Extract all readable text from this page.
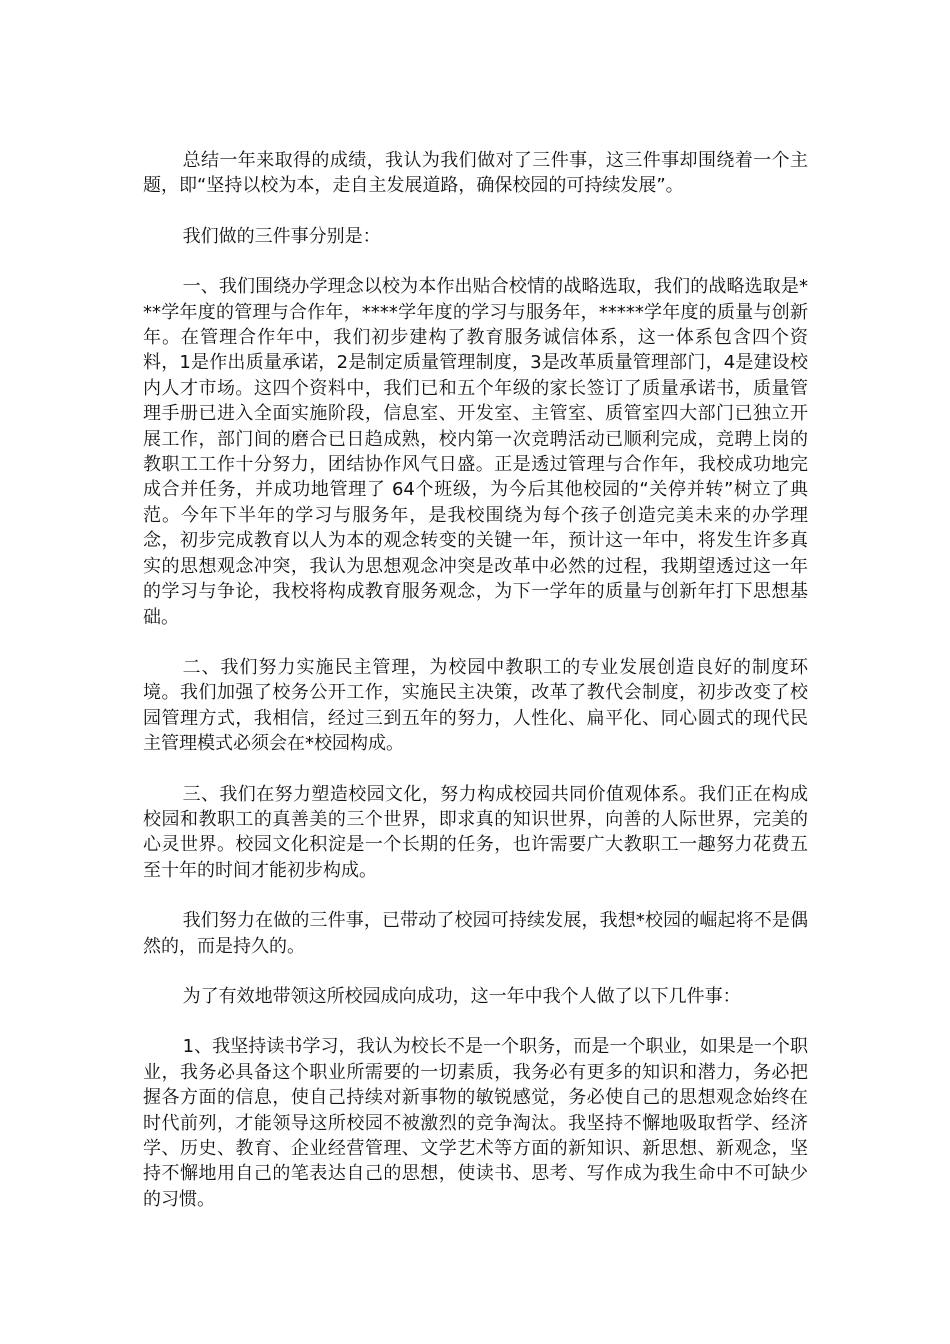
总结一年来取得的成绩，我认为我们做对了三件事，这三件事却围绕着一个主题，即“坚持以校为本，走自主发展道路，确保校园的可持续发展”。

我们做的三件事分别是：

一、我们围绕办学理念以校为本作出贴合校情的战略选取，我们的战略选取是***学年度的管理与合作年，****学年度的学习与服务年，*****学年度的质量与创新年。在管理合作年中，我们初步建构了教育服务诚信体系，这一体系包含四个资料，1是作出质量承诺，2是制定质量管理制度，3是改革质量管理部门，4是建设校内人才市场。这四个资料中，我们已和五个年级的家长签订了质量承诺书，质量管理手册已进入全面实施阶段，信息室、开发室、主管室、质管室四大部门已独立开展工作，部门间的磨合已日趋成熟，校内第一次竞聘活动已顺利完成，竞聘上岗的教职工工作十分努力，团结协作风气日盛。正是透过管理与合作年，我校成功地完成合并任务，并成功地管理了 64个班级，为今后其他校园的“关停并转”树立了典范。今年下半年的学习与服务年，是我校围绕为每个孩子创造完美未来的办学理念，初步完成教育以人为本的观念转变的关键一年，预计这一年中，将发生许多真实的思想观念冲突，我认为思想观念冲突是改革中必然的过程，我期望透过这一年的学习与争论，我校将构成教育服务观念，为下一学年的质量与创新年打下思想基础。

二、我们努力实施民主管理，为校园中教职工的专业发展创造良好的制度环境。我们加强了校务公开工作，实施民主决策，改革了教代会制度，初步改变了校园管理方式，我相信，经过三到五年的努力，人性化、扁平化、同心圆式的现代民主管理模式必须会在*校园构成。

三、我们在努力塑造校园文化，努力构成校园共同价值观体系。我们正在构成校园和教职工的真善美的三个世界，即求真的知识世界，向善的人际世界，完美的心灵世界。校园文化积淀是一个长期的任务，也许需要广大教职工一趣努力花费五至十年的时间才能初步构成。

我们努力在做的三件事，已带动了校园可持续发展，我想*校园的崛起将不是偶然的，而是持久的。

为了有效地带领这所校园成向成功，这一年中我个人做了以下几件事：

1、我坚持读书学习，我认为校长不是一个职务，而是一个职业，如果是一个职业，我务必具备这个职业所需要的一切素质，我务必有更多的知识和潜力，务必把握各方面的信息，使自己持续对新事物的敏锐感觉，务必使自己的思想观念始终在时代前列，才能领导这所校园不被激烈的竞争淘汰。我坚持不懈地吸取哲学、经济学、历史、教育、企业经营管理、文学艺术等方面的新知识、新思想、新观念，坚持不懈地用自己的笔表达自己的思想，使读书、思考、写作成为我生命中不可缺少的习惯。
